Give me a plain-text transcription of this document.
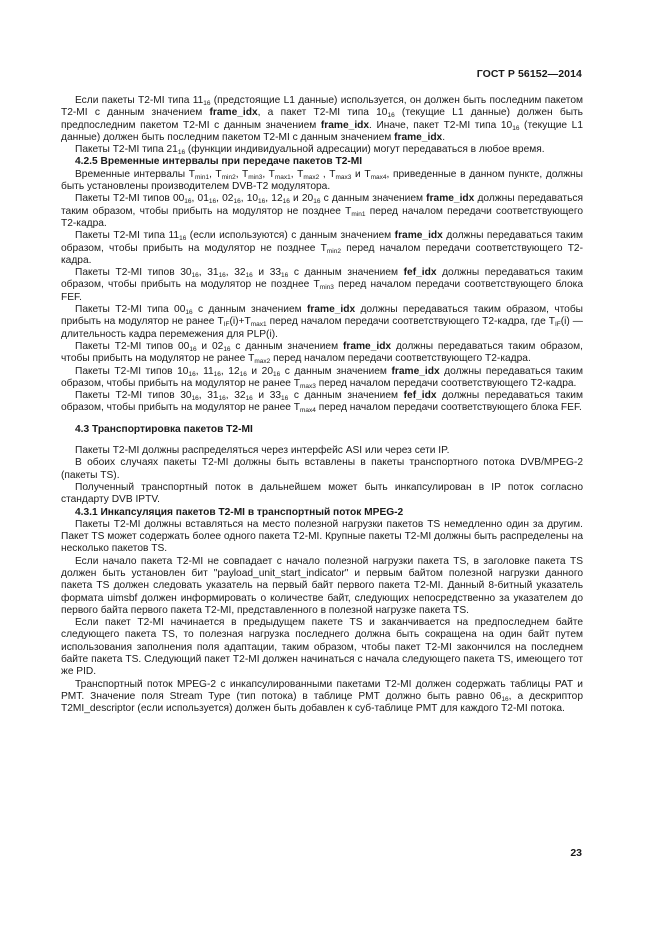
ГОСТ Р 56152—2014

Если пакеты T2-MI типа $11_{16}$ (предстоящие L1 данные) используется, он должен быть последним пакетом T2-MI с данным значением frame_idx, а пакет T2-MI типа $10_{16}$ (текущие L1 данные) должен быть предпоследним пакетом T2-MI с данным значением frame_idx. Иначе, пакет T2-MI типа $10_{16}$ (текущие L1 данные) должен быть последним пакетом T2-MI с данным значением frame_idx.

Пакеты T2-MI типа $21_{16}$ (функции индивидуальной адресации) могут передаваться в любое время.

4.2.5 Временные интервалы при передаче пакетов T2-MI

Временные интервалы $T_{min1}$, $T_{min2}$, $T_{min3}$, $T_{max1}$, $T_{max2}$ , $T_{max3}$ и $T_{max4}$, приведенные в данном пункте, должны быть установлены производителем DVB-T2 модулятора.

Пакеты T2-MI типов $00_{16}$, $01_{16}$, $02_{16}$, $10_{16}$, $12_{16}$ и $20_{16}$ с данным значением frame_idx должны передаваться таким образом, чтобы прибыть на модулятор не позднее $T_{min1}$ перед началом передачи соответствующего T2-кадра.

Пакеты T2-MI типа $11_{16}$ (если используются) с данным значением frame_idx должны передаваться таким образом, чтобы прибыть на модулятор не позднее $T_{min2}$ перед началом передачи соответствующего T2-кадра.

Пакеты T2-MI типов $30_{16}$, $31_{16}$, $32_{16}$ и $33_{16}$ с данным значением fef_idx должны передаваться таким образом, чтобы прибыть на модулятор не позднее $T_{min3}$ перед началом передачи соответствующего блока FEF.

Пакеты T2-MI типа $00_{16}$ с данным значением frame_idx должны передаваться таким образом, чтобы прибыть на модулятор не ранее $T_{IF}(i)+T_{max1}$ перед началом передачи соответствующего T2-кадра, где $T_{IF}(i)$ — длительность кадра перемежения для PLP(i).

Пакеты T2-MI типов $00_{16}$ и $02_{16}$ с данным значением frame_idx должны передаваться таким образом, чтобы прибыть на модулятор не ранее $T_{max2}$ перед началом передачи соответствующего T2-кадра.

Пакеты T2-MI типов $10_{16}$, $11_{16}$, $12_{16}$ и $20_{16}$ с данным значением frame_idx должны передаваться таким образом, чтобы прибыть на модулятор не ранее $T_{max3}$ перед началом передачи соответствующего T2-кадра.

Пакеты T2-MI типов $30_{16}$, $31_{16}$, $32_{16}$ и $33_{16}$ с данным значением fef_idx должны передаваться таким образом, чтобы прибыть на модулятор не ранее $T_{max4}$ перед началом передачи соответствующего блока FEF.

4.3 Транспортировка пакетов T2-MI

Пакеты T2-MI должны распределяться через интерфейс ASI или через сети IP.

В обоих случаях пакеты T2-MI должны быть вставлены в пакеты транспортного потока DVB/MPEG-2 (пакеты TS).

Полученный транспортный поток в дальнейшем может быть инкапсулирован в IP поток согласно стандарту DVB IPTV.

4.3.1 Инкапсуляция пакетов T2-MI в транспортный поток MPEG-2

Пакеты T2-MI должны вставляться на место полезной нагрузки пакетов TS немедленно один за другим. Пакет TS может содержать более одного пакета T2-MI. Крупные пакеты T2-MI должны быть распределены на несколько пакетов TS.

Если начало пакета T2-MI не совпадает с начало полезной нагрузки пакета TS, в заголовке пакета TS должен быть установлен бит "payload_unit_start_indicator" и первым байтом полезной нагрузки данного пакета TS должен следовать указатель на первый байт первого пакета T2-MI. Данный 8-битный указатель формата uimsbf должен информировать о количестве байт, следующих непосредственно за указателем до первого байта первого пакета T2-MI, представленного в полезной нагрузке пакета TS.

Если пакет T2-MI начинается в предыдущем пакете TS и заканчивается на предпоследнем байте следующего пакета TS, то полезная нагрузка последнего должна быть сокращена на один байт путем использования заполнения поля адаптации, таким образом, чтобы пакет T2-MI закончился на последнем байте пакета TS. Следующий пакет T2-MI должен начинаться с начала следующего пакета TS, имеющего тот же PID.

Транспортный поток MPEG-2 с инкапсулированными пакетами T2-MI должен содержать таблицы PAT и PMT. Значение поля Stream Type (тип потока) в таблице PMT должно быть равно $06_{16}$, а дескриптор T2MI_descriptor (если используется) должен быть добавлен к суб-таблице PMT для каждого T2-MI потока.

23
